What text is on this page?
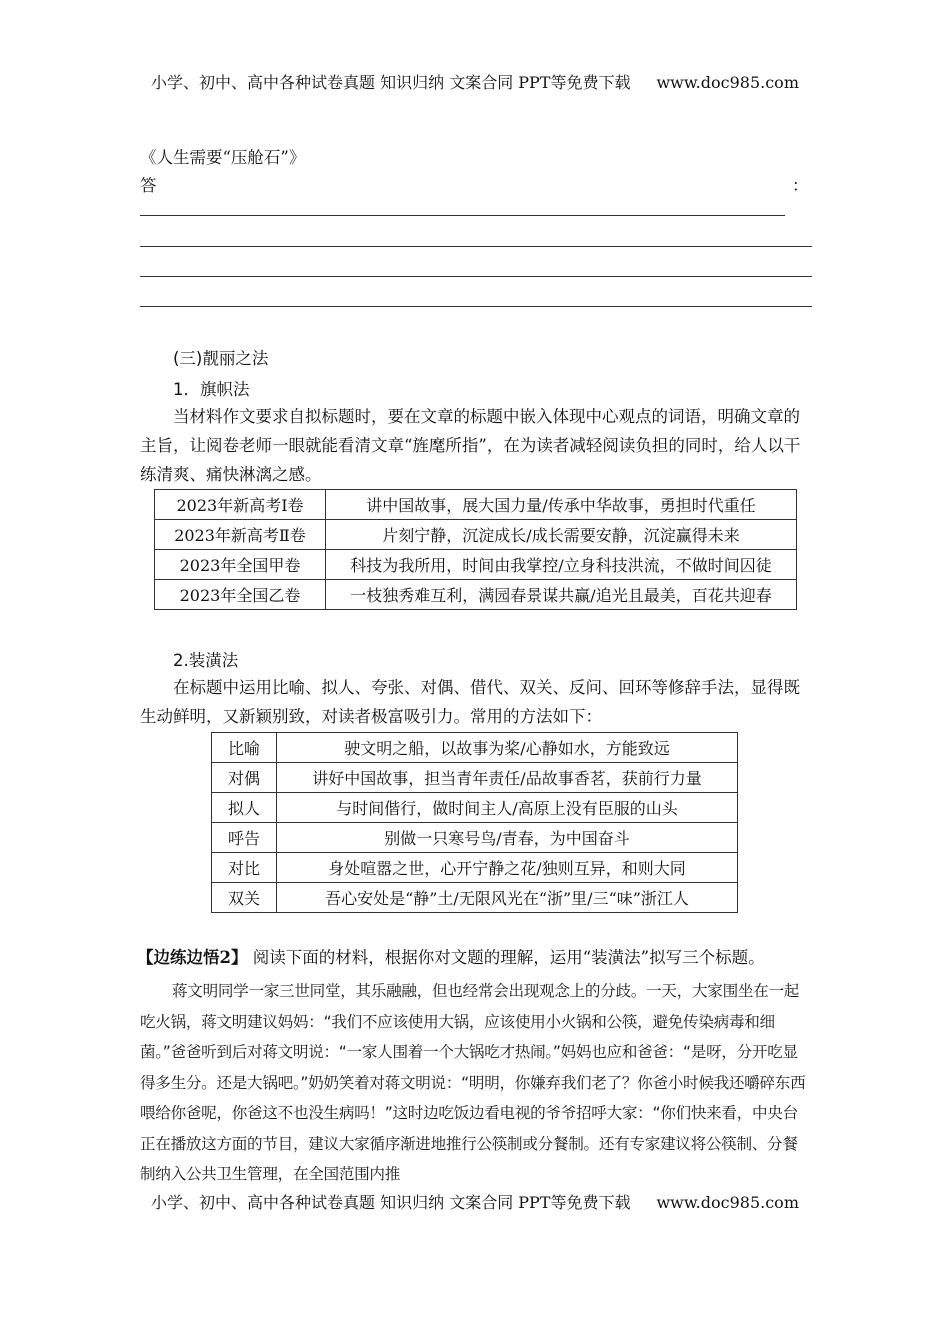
小学、初中、高中各种试卷真题 知识归纳 文案合同 PPT等免费下载 www.doc985.com
《人生需要“压舱石”》
答	：
(三)靓丽之法
1．旗帜法
当材料作文要求自拟标题时，要在文章的标题中嵌入体现中心观点的词语，明确文章的主旨，让阅卷老师一眼就能看清文章“旌麾所指”，在为读者减轻阅读负担的同时，给人以干练清爽、痛快淋漓之感。
2023年新高考Ⅰ卷	讲中国故事，展大国力量/传承中华故事，勇担时代重任
2023年新高考Ⅱ卷	片刻宁静，沉淀成长/成长需要安静，沉淀赢得未来
2023年全国甲卷	科技为我所用，时间由我掌控/立身科技洪流，不做时间囚徒
2023年全国乙卷	一枝独秀难互利，满园春景谋共赢/追光且最美，百花共迎春
2.装潢法
在标题中运用比喻、拟人、夸张、对偶、借代、双关、反问、回环等修辞手法，显得既生动鲜明，又新颖别致，对读者极富吸引力。常用的方法如下：
比喻	驶文明之船，以故事为桨/心静如水，方能致远
对偶	讲好中国故事，担当青年责任/品故事香茗，获前行力量
拟人	与时间偕行，做时间主人/高原上没有臣服的山头
呼告	别做一只寒号鸟/青春，为中国奋斗
对比	身处喧嚣之世，心开宁静之花/独则互异，和则大同
双关	吾心安处是“静”土/无限风光在“浙”里/三“味”浙江人
【边练边悟2】 阅读下面的材料，根据你对文题的理解，运用“装潢法”拟写三个标题。
蒋文明同学一家三世同堂，其乐融融，但也经常会出现观念上的分歧。一天，大家围坐在一起吃火锅，蒋文明建议妈妈：“我们不应该使用大锅，应该使用小火锅和公筷，避免传染病毒和细菌。”爸爸听到后对蒋文明说：“一家人围着一个大锅吃才热闹。”妈妈也应和爸爸：“是呀，分开吃显得多生分。还是大锅吧。”奶奶笑着对蒋文明说：“明明，你嫌弃我们老了？你爸小时候我还嚼碎东西喂给你爸呢，你爸这不也没生病吗！”这时边吃饭边看电视的爷爷招呼大家：“你们快来看，中央台正在播放这方面的节目，建议大家循序渐进地推行公筷制或分餐制。还有专家建议将公筷制、分餐制纳入公共卫生管理，在全国范围内推
小学、初中、高中各种试卷真题 知识归纳 文案合同 PPT等免费下载 www.doc985.com
